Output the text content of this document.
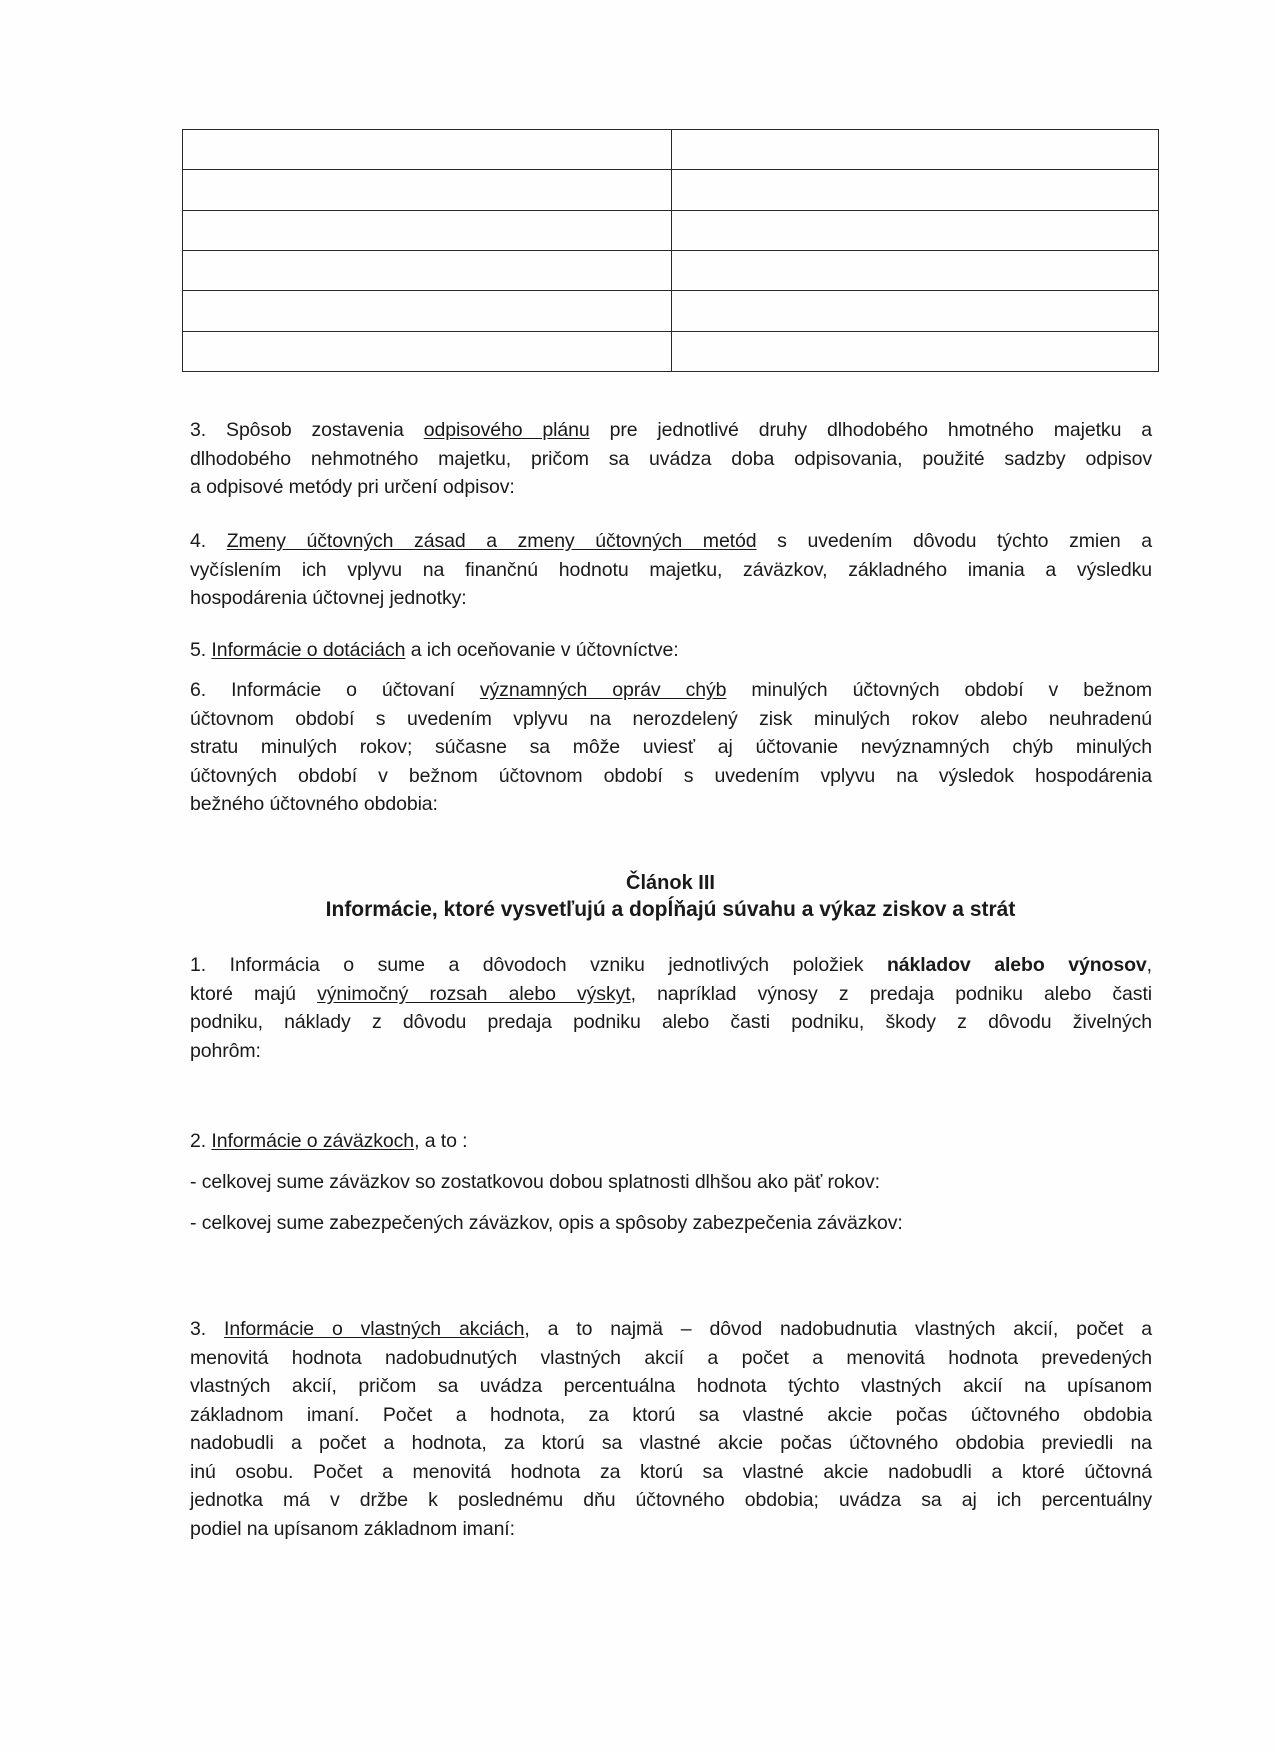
3. Spôsob zostavenia odpisového plánu pre jednotlivé druhy dlhodobého hmotného majetku a
dlhodobého nehmotného majetku, pričom sa uvádza doba odpisovania, použité sadzby odpisov
a odpisové metódy pri určení odpisov:
4. Zmeny účtovných zásad a zmeny účtovných metód s uvedením dôvodu týchto zmien a
vyčíslením ich vplyvu na finančnú hodnotu majetku, záväzkov, základného imania a výsledku
hospodárenia účtovnej jednotky:
5. Informácie o dotáciách a ich oceňovanie v účtovníctve:
6. Informácie o účtovaní významných opráv chýb minulých účtovných období v bežnom
účtovnom období s uvedením vplyvu na nerozdelený zisk minulých rokov alebo neuhradenú
stratu minulých rokov; súčasne sa môže uviesť aj účtovanie nevýznamných chýb minulých
účtovných období v bežnom účtovnom období s uvedením vplyvu na výsledok hospodárenia
bežného účtovného obdobia:

Článok III

Informácie, ktoré vysvetľujú a dopĺňajú súvahu a výkaz ziskov a strát

1. Informácia o sume a dôvodoch vzniku jednotlivých položiek nákladov alebo výnosov,
ktoré majú výnimočný rozsah alebo výskyt, napríklad výnosy z predaja podniku alebo časti
podniku, náklady z dôvodu predaja podniku alebo časti podniku, škody z dôvodu živelných
pohrôm:
2. Informácie o záväzkoch, a to :
- celkovej sume záväzkov so zostatkovou dobou splatnosti dlhšou ako päť rokov:
- celkovej sume zabezpečených záväzkov, opis a spôsoby zabezpečenia záväzkov:
3. Informácie o vlastných akciách, a to najmä – dôvod nadobudnutia vlastných akcií, počet a
menovitá hodnota nadobudnutých vlastných akcií a počet a menovitá hodnota prevedených
vlastných akcií, pričom sa uvádza percentuálna hodnota týchto vlastných akcií na upísanom
základnom imaní. Počet a hodnota, za ktorú sa vlastné akcie počas účtovného obdobia
nadobudli a počet a hodnota, za ktorú sa vlastné akcie počas účtovného obdobia previedli na
inú osobu. Počet a menovitá hodnota za ktorú sa vlastné akcie nadobudli a ktoré účtovná
jednotka má v držbe k poslednému dňu účtovného obdobia; uvádza sa aj ich percentuálny
podiel na upísanom základnom imaní:
